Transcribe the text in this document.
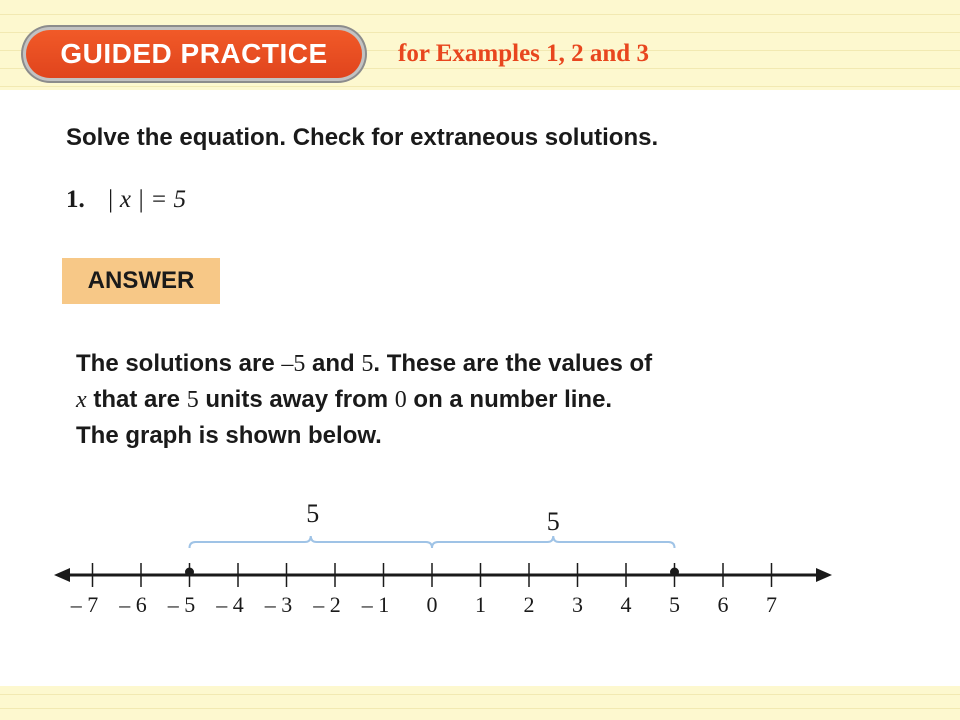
GUIDED PRACTICE	for Examples 1, 2 and 3
Solve the equation. Check for extraneous solutions.
1. | x | = 5
ANSWER
The solutions are –5 and 5. These are the values of
x that are 5 units away from 0 on a number line.
The graph is shown below.
– 7 – 6 – 5 – 4 – 3 – 2 – 1 0 1 2 3 4 5 6 7
5	5
